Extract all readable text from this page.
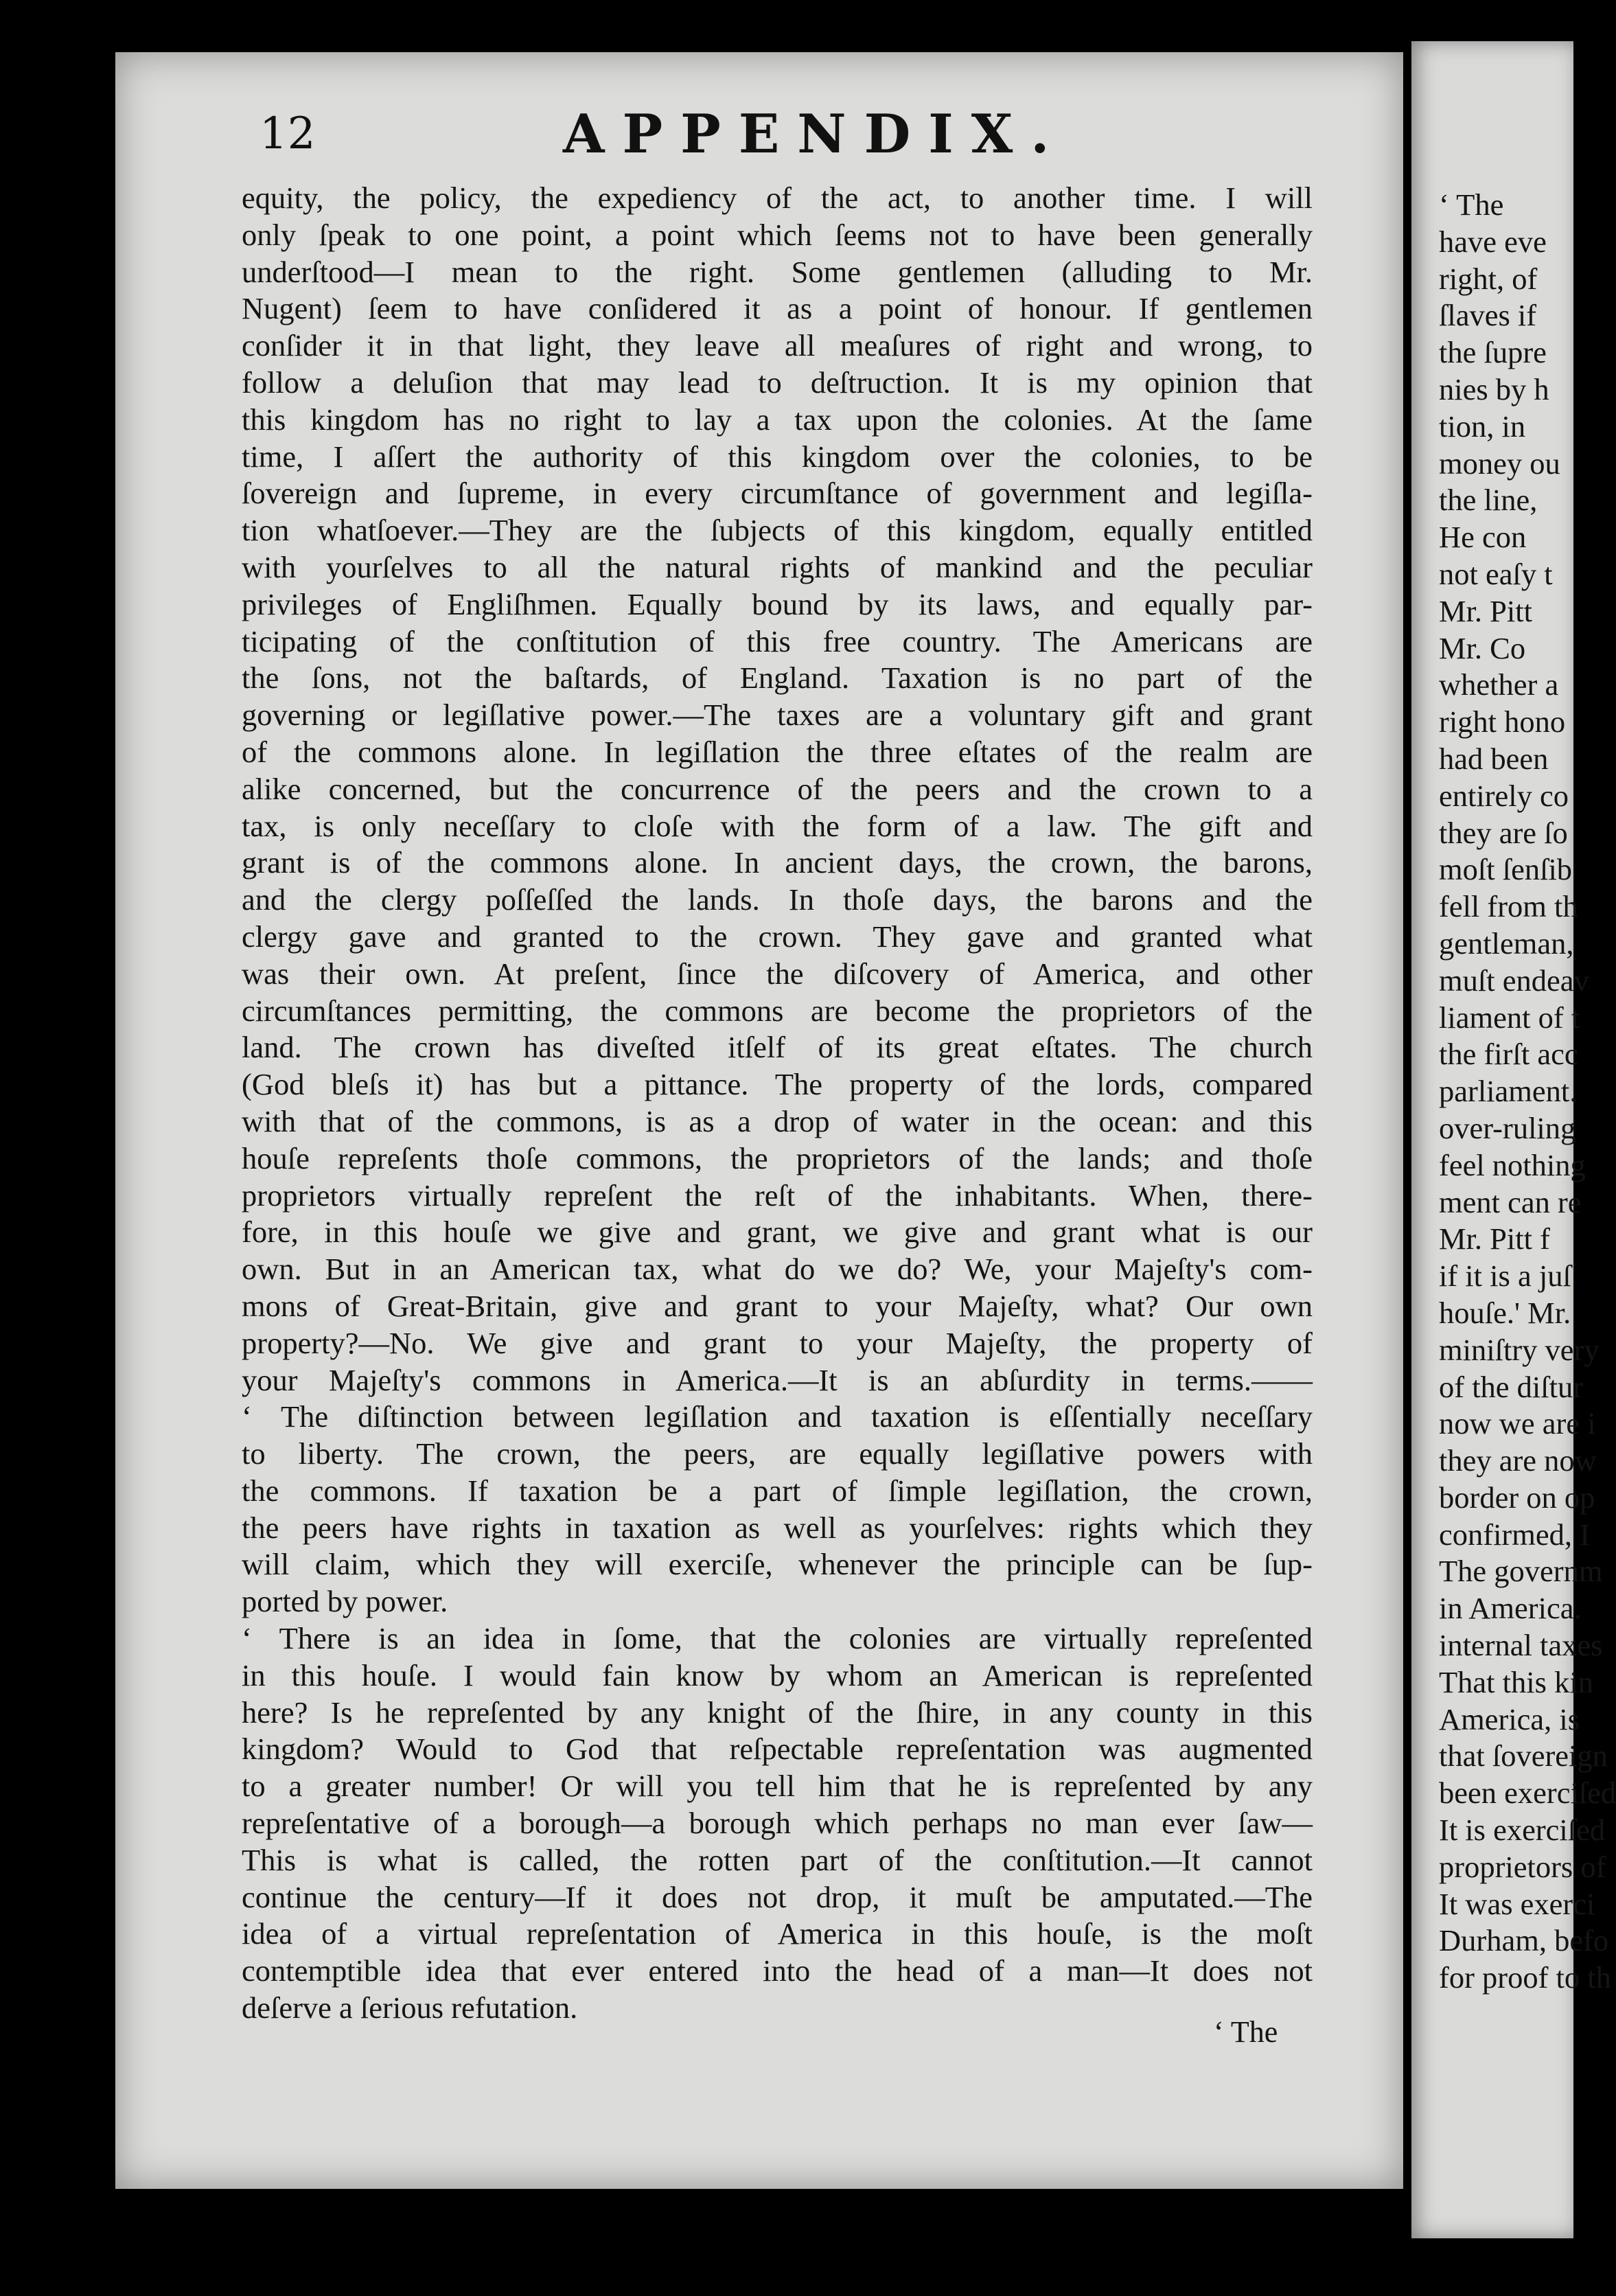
12	APPENDIX.
equity, the policy, the expediency of the act, to another time. I will
only ſpeak to one point, a point which ſeems not to have been generally
underſtood—I mean to the right. Some gentlemen (alluding to Mr.
Nugent) ſeem to have conſidered it as a point of honour. If gentlemen
conſider it in that light, they leave all meaſures of right and wrong, to
follow a deluſion that may lead to deſtruction. It is my opinion that
this kingdom has no right to lay a tax upon the colonies. At the ſame
time, I aſſert the authority of this kingdom over the colonies, to be
ſovereign and ſupreme, in every circumſtance of government and legiſla-
tion whatſoever.—They are the ſubjects of this kingdom, equally entitled
with yourſelves to all the natural rights of mankind and the peculiar
privileges of Engliſhmen. Equally bound by its laws, and equally par-
ticipating of the conſtitution of this free country. The Americans are
the ſons, not the baſtards, of England. Taxation is no part of the
governing or legiſlative power.—The taxes are a voluntary gift and grant
of the commons alone. In legiſlation the three eſtates of the realm are
alike concerned, but the concurrence of the peers and the crown to a
tax, is only neceſſary to cloſe with the form of a law. The gift and
grant is of the commons alone. In ancient days, the crown, the barons,
and the clergy poſſeſſed the lands. In thoſe days, the barons and the
clergy gave and granted to the crown. They gave and granted what
was their own. At preſent, ſince the diſcovery of America, and other
circumſtances permitting, the commons are become the proprietors of the
land. The crown has diveſted itſelf of its great eſtates. The church
(God bleſs it) has but a pittance. The property of the lords, compared
with that of the commons, is as a drop of water in the ocean: and this
houſe repreſents thoſe commons, the proprietors of the lands; and thoſe
proprietors virtually repreſent the reſt of the inhabitants. When, there-
fore, in this houſe we give and grant, we give and grant what is our
own. But in an American tax, what do we do? We, your Majeſty's com-
mons of Great-Britain, give and grant to your Majeſty, what? Our own
property?—No. We give and grant to your Majeſty, the property of
your Majeſty's commons in America.—It is an abſurdity in terms.——
‘ The diſtinction between legiſlation and taxation is eſſentially neceſſary
to liberty. The crown, the peers, are equally legiſlative powers with
the commons. If taxation be a part of ſimple legiſlation, the crown,
the peers have rights in taxation as well as yourſelves: rights which they
will claim, which they will exerciſe, whenever the principle can be ſup-
ported by power.
‘ There is an idea in ſome, that the colonies are virtually repreſented
in this houſe. I would fain know by whom an American is repreſented
here? Is he repreſented by any knight of the ſhire, in any county in this
kingdom? Would to God that reſpectable repreſentation was augmented
to a greater number! Or will you tell him that he is repreſented by any
repreſentative of a borough—a borough which perhaps no man ever ſaw—
This is what is called, the rotten part of the conſtitution.—It cannot
continue the century—If it does not drop, it muſt be amputated.—The
idea of a virtual repreſentation of America in this houſe, is the moſt
contemptible idea that ever entered into the head of a man—It does not
deſerve a ſerious refutation.
‘ The
‘ The
have eve
right, of
ſlaves if
the ſupre
nies by h
tion, in
money ou
the line,
He con
not eaſy t
Mr. Pitt
Mr. Co
whether a
right hono
had been
entirely co
they are ſo
moſt ſenſib
fell from th
gentleman,
muſt endeav
liament of t
the firſt acc
parliament.
over-ruling
feel nothing
ment can re
Mr. Pitt f
if it is a juſ
houſe.' Mr.
miniſtry very
of the diſtur
now we are i
they are now
border on op
confirmed, I
The governm
in America.
internal taxes
That this kin
America, is
that ſovereign
been exerciſed
It is exerciſed
proprietors of
It was exerci
Durham, befo
for proof to th
